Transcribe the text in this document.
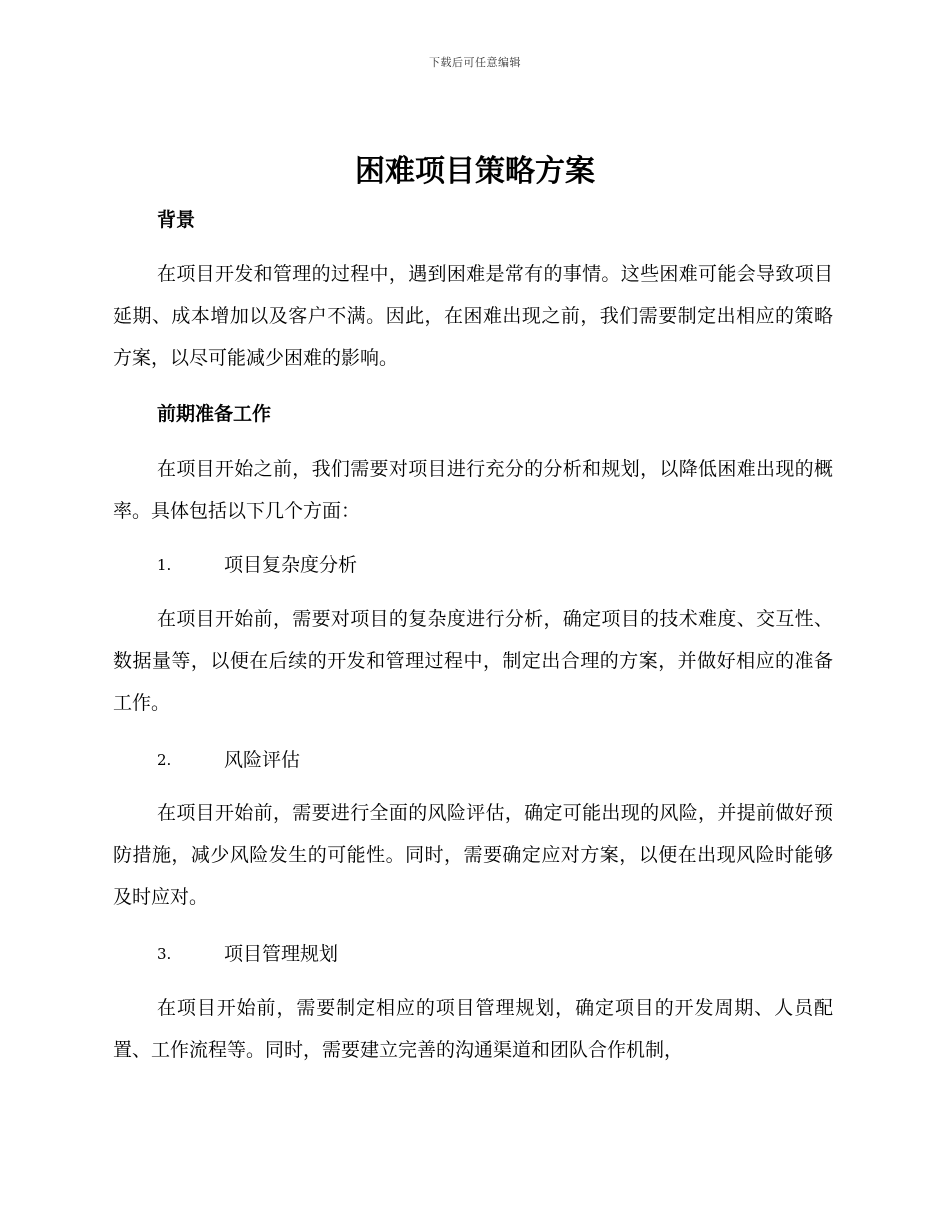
下载后可任意编辑
困难项目策略方案
背景

在项目开发和管理的过程中，遇到困难是常有的事情。这些困难可能会导致项目延期、成本增加以及客户不满。因此，在困难出现之前，我们需要制定出相应的策略方案，以尽可能减少困难的影响。

前期准备工作

在项目开始之前，我们需要对项目进行充分的分析和规划，以降低困难出现的概率。具体包括以下几个方面：

1.	项目复杂度分析

在项目开始前，需要对项目的复杂度进行分析，确定项目的技术难度、交互性、数据量等，以便在后续的开发和管理过程中，制定出合理的方案，并做好相应的准备工作。

2.	风险评估

在项目开始前，需要进行全面的风险评估，确定可能出现的风险，并提前做好预防措施，减少风险发生的可能性。同时，需要确定应对方案，以便在出现风险时能够及时应对。

3.	项目管理规划

在项目开始前，需要制定相应的项目管理规划，确定项目的开发周期、人员配置、工作流程等。同时，需要建立完善的沟通渠道和团队合作机制，
